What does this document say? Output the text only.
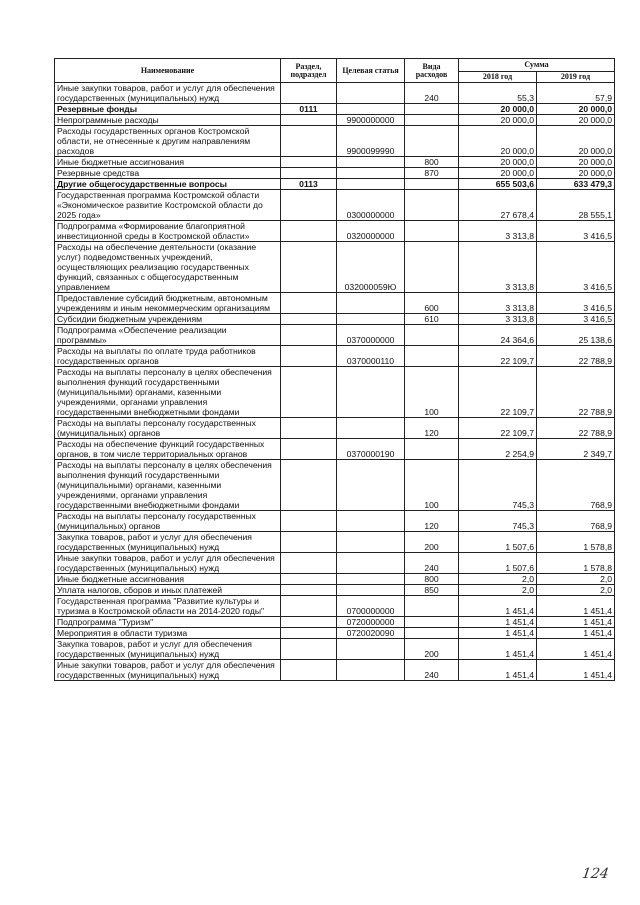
Наименование	Раздел, подраздел	Целевая статья	Вида расходов	Сумма	
				2018 год	2019 год
Иные закупки товаров, работ и услуг для обеспечения государственных (муниципальных) нужд			240	55,3	57,9
Резервные фонды	0111			20 000,0	20 000,0
Непрограммные расходы		9900000000		20 000,0	20 000,0
Расходы государственных органов Костромской области, не отнесенные к другим направлениям расходов		9900099990		20 000,0	20 000,0
Иные бюджетные ассигнования			800	20 000,0	20 000,0
Резервные средства			870	20 000,0	20 000,0
Другие общегосударственные вопросы	0113			655 503,6	633 479,3
Государственная программа Костромской области «Экономическое развитие Костромской области до 2025 года»		0300000000		27 678,4	28 555,1
Подпрограмма «Формирование благоприятной инвестиционной среды в Костромской области»		0320000000		3 313,8	3 416,5
Расходы на обеспечение деятельности (оказание услуг) подведомственных учреждений, осуществляющих реализацию государственных функций, связанных с общегосударственным управлением		032000059Ю		3 313,8	3 416,5
Предоставление субсидий бюджетным, автономным учреждениям и иным некоммерческим организациям			600	3 313,8	3 416,5
Субсидии бюджетным учреждениям			610	3 313,8	3 416,5
Подпрограмма «Обеспечение реализации программы»		0370000000		24 364,6	25 138,6
Расходы на выплаты по оплате труда работников государственных органов		0370000110		22 109,7	22 788,9
Расходы на выплаты персоналу в целях обеспечения выполнения функций государственными (муниципальными) органами, казенными учреждениями, органами управления государственными внебюджетными фондами			100	22 109,7	22 788,9
Расходы на выплаты персоналу государственных (муниципальных) органов			120	22 109,7	22 788,9
Расходы на обеспечение функций государственных органов, в том числе территориальных органов		0370000190		2 254,9	2 349,7
Расходы на выплаты персоналу в целях обеспечения выполнения функций государственными (муниципальными) органами, казенными учреждениями, органами управления государственными внебюджетными фондами			100	745,3	768,9
Расходы на выплаты персоналу государственных (муниципальных) органов			120	745,3	768,9
Закупка товаров, работ и услуг для обеспечения государственных (муниципальных) нужд			200	1 507,6	1 578,8
Иные закупки товаров, работ и услуг для обеспечения государственных (муниципальных) нужд			240	1 507,6	1 578,8
Иные бюджетные ассигнования			800	2,0	2,0
Уплата налогов, сборов и иных платежей			850	2,0	2,0
Государственная программа "Развитие культуры и туризма в Костромской области на 2014-2020 годы"		0700000000		1 451,4	1 451,4
Подпрограмма "Туризм"		0720000000		1 451,4	1 451,4
Мероприятия в области туризма		0720020090		1 451,4	1 451,4
Закупка товаров, работ и услуг для обеспечения государственных (муниципальных) нужд			200	1 451,4	1 451,4
Иные закупки товаров, работ и услуг для обеспечения государственных (муниципальных) нужд			240	1 451,4	1 451,4
124
